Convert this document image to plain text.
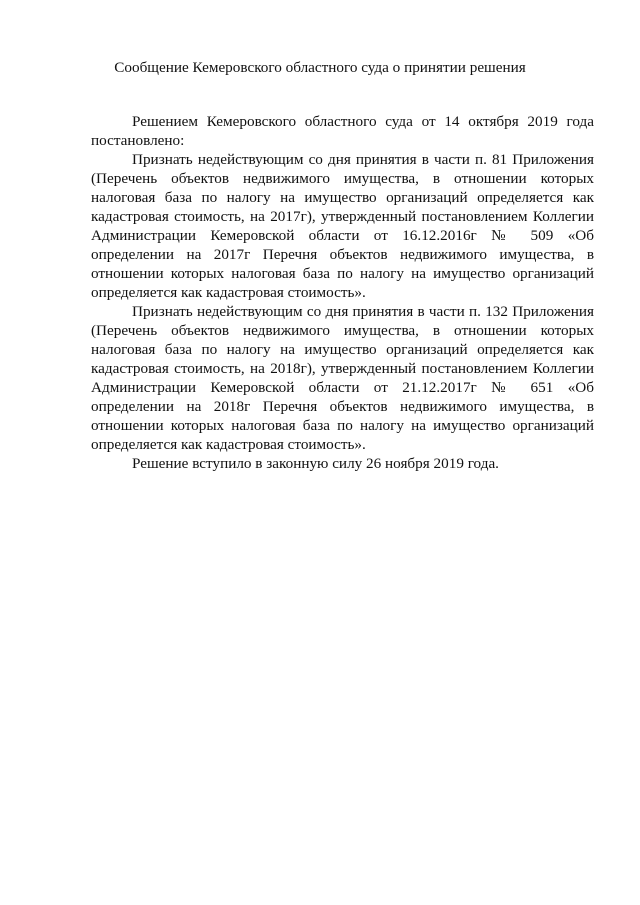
Сообщение Кемеровского областного суда о принятии решения

Решением Кемеровского областного суда от 14 октября 2019 года постановлено:

Признать недействующим со дня принятия в части п. 81 Приложения (Перечень объектов недвижимого имущества, в отношении которых налоговая база по налогу на имущество организаций определяется как кадастровая стоимость, на 2017г), утвержденный постановлением Коллегии Администрации Кемеровской области от 16.12.2016г № 509 «Об определении на 2017г Перечня объектов недвижимого имущества, в отношении которых налоговая база по налогу на имущество организаций определяется как кадастровая стоимость».

Признать недействующим со дня принятия в части п. 132 Приложения (Перечень объектов недвижимого имущества, в отношении которых налоговая база по налогу на имущество организаций определяется как кадастровая стоимость, на 2018г), утвержденный постановлением Коллегии Администрации Кемеровской области от 21.12.2017г № 651 «Об определении на 2018г Перечня объектов недвижимого имущества, в отношении которых налоговая база по налогу на имущество организаций определяется как кадастровая стоимость».

Решение вступило в законную силу 26 ноября 2019 года.
